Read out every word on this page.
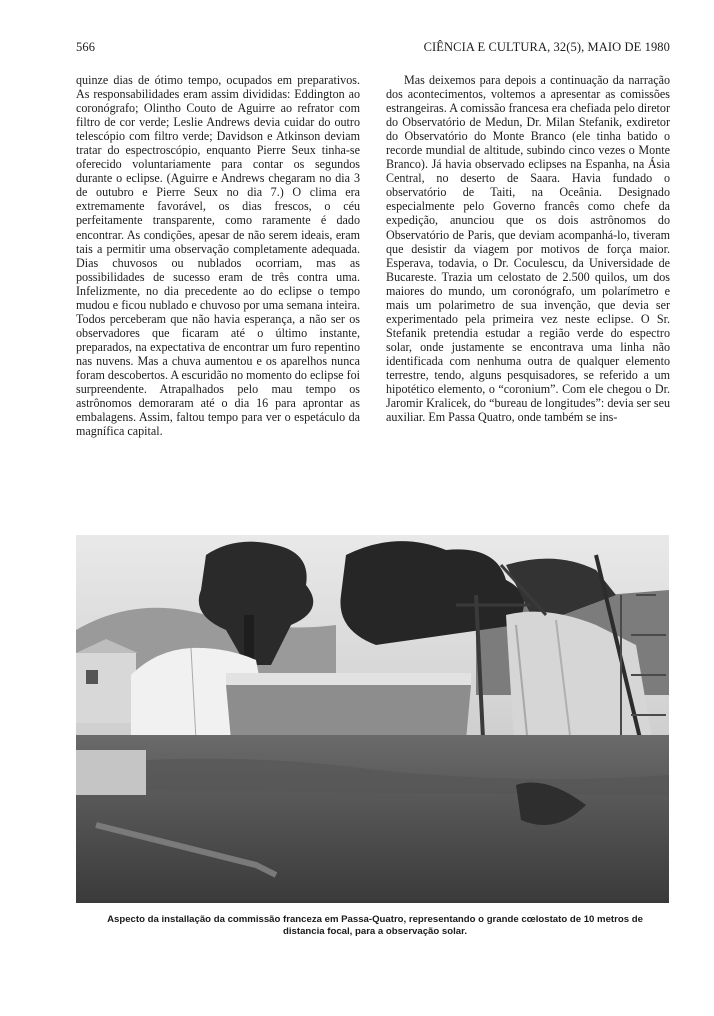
566	CIÊNCIA E CULTURA, 32(5), MAIO DE 1980

quinze dias de ótimo tempo, ocupados em preparativos. As responsabilidades eram assim divididas: Eddington ao coronógrafo; Olintho Couto de Aguirre ao refrator com filtro de cor verde; Leslie Andrews devia cuidar do outro telescópio com filtro verde; Davidson e Atkinson deviam tratar do espectroscópio, enquanto Pierre Seux tinha-se oferecido voluntariamente para contar os segundos durante o eclipse. (Aguirre e Andrews chegaram no dia 3 de outubro e Pierre Seux no dia 7.) O clima era extremamente favorável, os dias frescos, o céu perfeitamente transparente, como raramente é dado encontrar. As condições, apesar de não serem ideais, eram tais a permitir uma observação completamente adequada. Dias chuvosos ou nublados ocorriam, mas as possibilidades de sucesso eram de três contra uma. Infelizmente, no dia precedente ao do eclipse o tempo mudou e ficou nublado e chuvoso por uma semana inteira. Todos perceberam que não havia esperança, a não ser os observadores que ficaram até o último instante, preparados, na expectativa de encontrar um furo repentino nas nuvens. Mas a chuva aumentou e os aparelhos nunca foram descobertos. A escuridão no momento do eclipse foi surpreendente. Atrapalhados pelo mau tempo os astrônomos demoraram até o dia 16 para aprontar as embalagens. Assim, faltou tempo para ver o espetáculo da magnífica capital.

Mas deixemos para depois a continuação da narração dos acontecimentos, voltemos a apresentar as comissões estrangeiras. A comissão francesa era chefiada pelo diretor do Observatório de Medun, Dr. Milan Stefanik, exdiretor do Observatório do Monte Branco (ele tinha batido o recorde mundial de altitude, subindo cinco vezes o Monte Branco). Já havia observado eclipses na Espanha, na Ásia Central, no deserto de Saara. Havia fundado o observatório de Taiti, na Oceânia. Designado especialmente pelo Governo francês como chefe da expedição, anunciou que os dois astrônomos do Observatório de Paris, que deviam acompanhá-lo, tiveram que desistir da viagem por motivos de força maior. Esperava, todavia, o Dr. Coculescu, da Universidade de Bucareste. Trazia um celostato de 2.500 quilos, um dos maiores do mundo, um coronógrafo, um polarímetro e mais um polarimetro de sua invenção, que devia ser experimentado pela primeira vez neste eclipse. O Sr. Stefanik pretendia estudar a região verde do espectro solar, onde justamente se encontrava uma linha não identificada com nenhuma outra de qualquer elemento terrestre, tendo, alguns pesquisadores, se referido a um hipotético elemento, o “coronium”. Com ele chegou o Dr. Jaromir Kralicek, do “bureau de longitudes”: devia ser seu auxiliar. Em Passa Quatro, onde também se ins-

Aspecto da installação da commissão franceza em Passa-Quatro, representando o grande cœlostato de 10 metros de distancia focal, para a observação solar.
